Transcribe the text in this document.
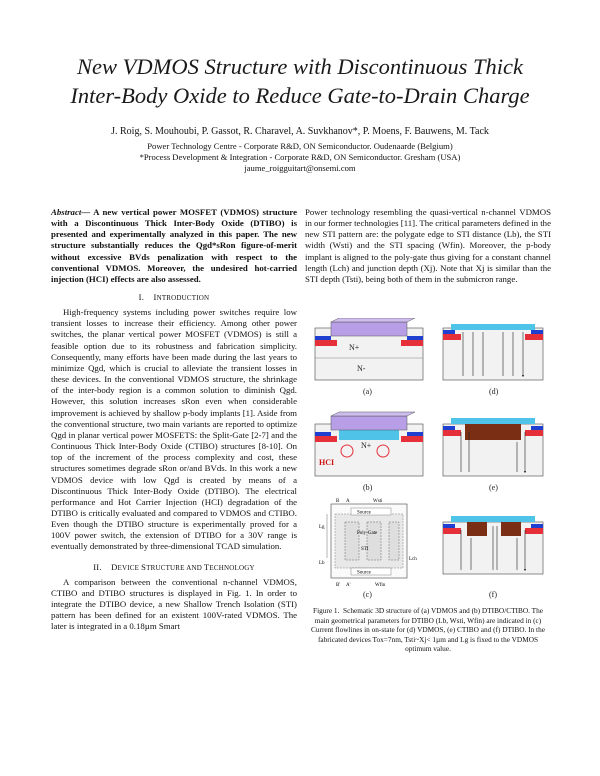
New VDMOS Structure with Discontinuous Thick
Inter-Body Oxide to Reduce Gate-to-Drain Charge
J. Roig, S. Mouhoubi, P. Gassot, R. Charavel, A. Suvkhanov*, P. Moens, F. Bauwens, M. Tack
Power Technology Centre - Corporate R&D, ON Semiconductor. Oudenaarde (Belgium)
*Process Development & Integration - Corporate R&D, ON Semiconductor. Gresham (USA)
jaume_roigguitart@onsemi.com
Abstract— A new vertical power MOSFET (VDMOS) structure with a Discontinuous Thick Inter-Body Oxide (DTIBO) is presented and experimentally analyzed in this paper. The new structure substantially reduces the Qgd*sRon figure-of-merit without excessive BVds penalization with respect to the conventional VDMOS. Moreover, the undesired hot-carried injection (HCI) effects are also assessed.

I. INTRODUCTION

High-frequency systems including power switches require low transient losses to increase their efficiency. Among other power switches, the planar vertical power MOSFET (VDMOS) is still a feasible option due to its robustness and fabrication simplicity. Consequently, many efforts have been made during the last years to minimize Qgd, which is crucial to alleviate the transient losses in these devices. In the conventional VDMOS structure, the shrinkage of the inter-body region is a common solution to diminish Qgd. However, this solution increases sRon even when considerable improvement is achieved by shallow p-body implants [1]. Aside from the conventional structure, two main variants are reported to optimize Qgd in planar vertical power MOSFETS: the Split-Gate [2-7] and the Continuous Thick Inter-Body Oxide (CTIBO) structures [8-10]. On top of the increment of the process complexity and cost, these structures sometimes degrade sRon or/and BVds. In this work a new VDMOS device with low Qgd is created by means of a Discontinuous Thick Inter-Body Oxide (DTIBO). The electrical performance and Hot Carrier Injection (HCI) degradation of the DTIBO is critically evaluated and compared to VDMOS and CTIBO. Even though the DTIBO structure is experimentally proved for a 100V power switch, the extension of DTIBO for a 30V range is eventually demonstrated by three-dimensional TCAD simulation.

II. DEVICE STRUCTURE AND TECHNOLOGY

A comparison between the conventional n-channel VDMOS, CTIBO and DTIBO structures is displayed in Fig. 1. In order to integrate the DTIBO device, a new Shallow Trench Isolation (STI) pattern has been defined for an existent 100V-rated VDMOS. The later is integrated in a 0.18µm Smart

Power technology resembling the quasi-vertical n-channel VDMOS in our former technologies [11]. The critical parameters defined in the new STI pattern are: the polygate edge to STI distance (Lb), the STI width (Wsti) and the STI spacing (Wfin). Moreover, the p-body implant is aligned to the poly-gate thus giving for a constant channel length (Lch) and junction depth (Xj). Note that Xj is similar than the STI depth (Tsti), being both of them in the submicron range.
N+
N-
(a)
N+
HCI
(b)
Source
Source
Poly-Gate
STI
B A	Wsti
B' A'	Wfin
Lg
Lb
Lch
(c)
(d)
(e)
(f)
Figure 1. Schematic 3D structure of (a) VDMOS and (b) DTIBO/CTIBO. The main geometrical parameters for DTIBO (Lb, Wsti, Wfin) are indicated in (c) Current flowlines in on-state for (d) VDMOS, (e) CTIBO and (f) DTIBO. In the fabricated devices Tox=7nm, Tsti~Xj< 1µm and Lg is fixed to the VDMOS optimum value.
